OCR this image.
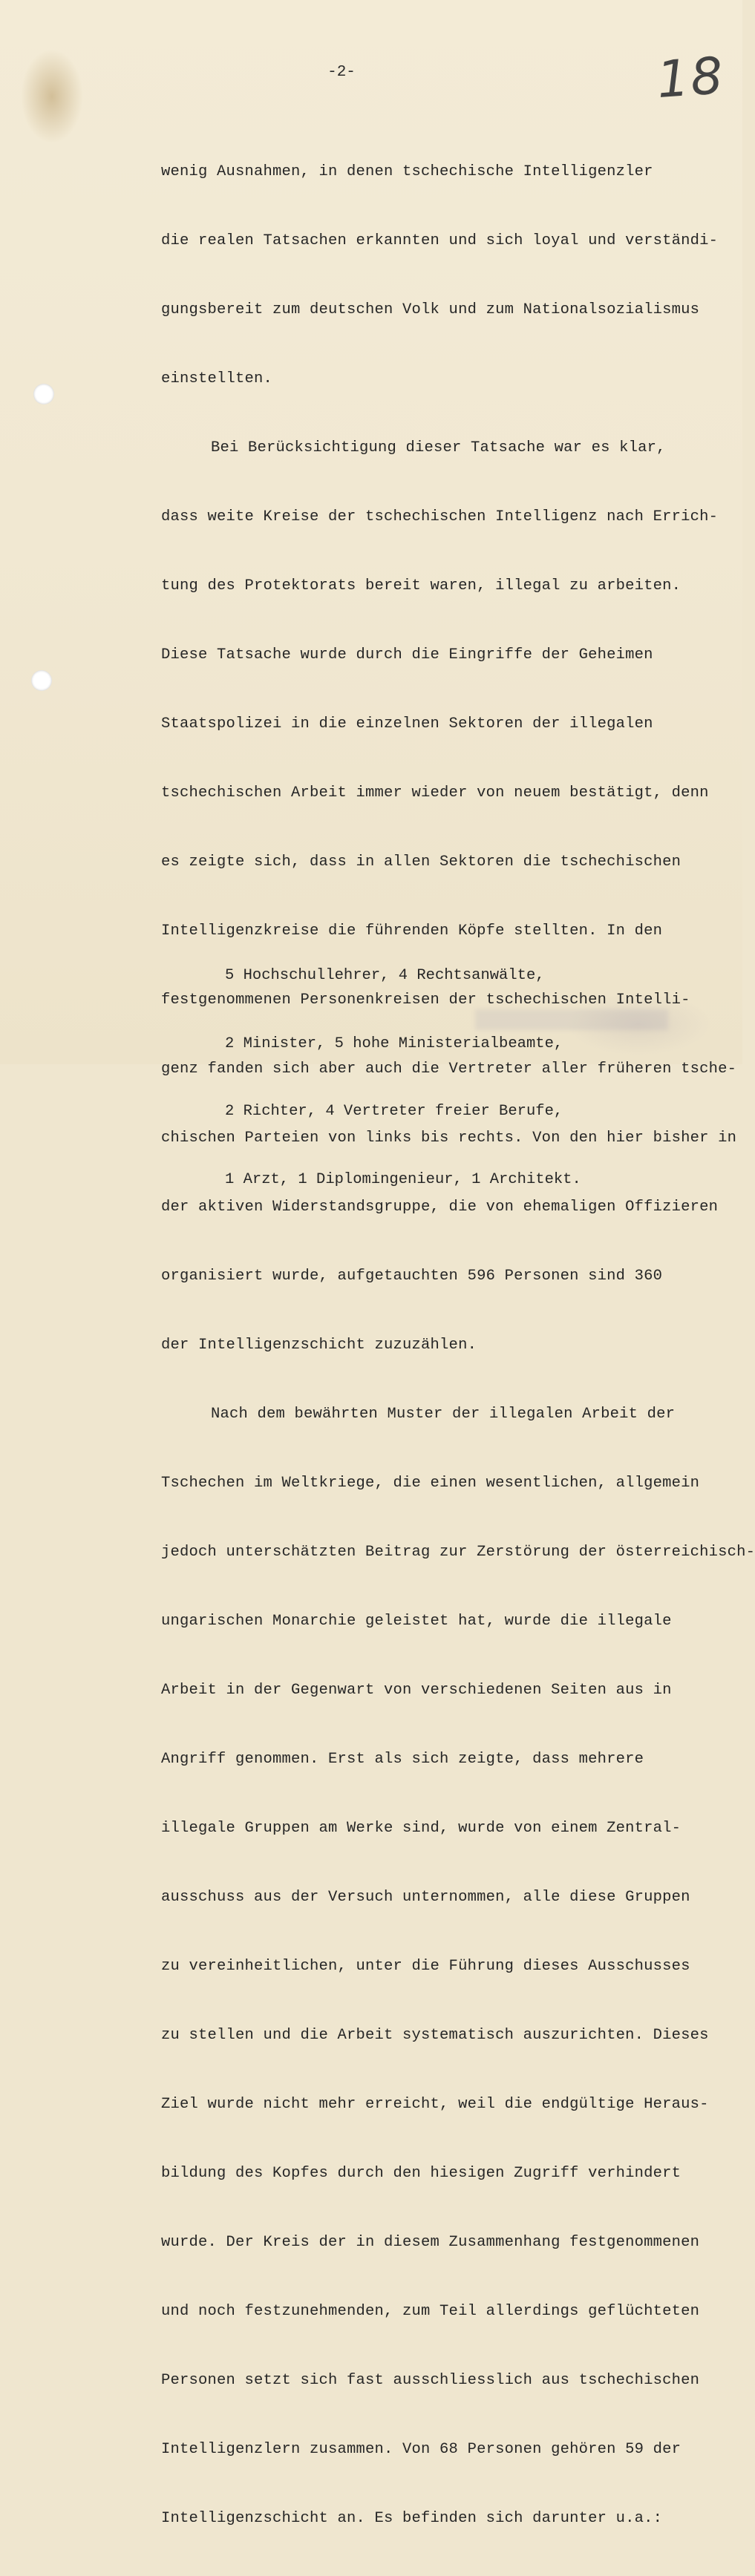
-2-	18

wenig Ausnahmen, in denen tschechische Intelligenzler

die realen Tatsachen erkannten und sich loyal und verständi-

gungsbereit zum deutschen Volk und zum Nationalsozialismus

einstellten.

Bei Berücksichtigung dieser Tatsache war es klar,

dass weite Kreise der tschechischen Intelligenz nach Errich-

tung des Protektorats bereit waren, illegal zu arbeiten.

Diese Tatsache wurde durch die Eingriffe der Geheimen

Staatspolizei in die einzelnen Sektoren der illegalen

tschechischen Arbeit immer wieder von neuem bestätigt, denn

es zeigte sich, dass in allen Sektoren die tschechischen

Intelligenzkreise die führenden Köpfe stellten. In den

festgenommenen Personenkreisen der tschechischen Intelli-

genz fanden sich aber auch die Vertreter aller früheren tsche-

chischen Parteien von links bis rechts. Von den hier bisher in

der aktiven Widerstandsgruppe, die von ehemaligen Offizieren

organisiert wurde, aufgetauchten 596 Personen sind 360

der Intelligenzschicht zuzuzählen.

Nach dem bewährten Muster der illegalen Arbeit der

Tschechen im Weltkriege, die einen wesentlichen, allgemein

jedoch unterschätzten Beitrag zur Zerstörung der österreichisch-

ungarischen Monarchie geleistet hat, wurde die illegale

Arbeit in der Gegenwart von verschiedenen Seiten aus in

Angriff genommen. Erst als sich zeigte, dass mehrere

illegale Gruppen am Werke sind, wurde von einem Zentral-

ausschuss aus der Versuch unternommen, alle diese Gruppen

zu vereinheitlichen, unter die Führung dieses Ausschusses

zu stellen und die Arbeit systematisch auszurichten. Dieses

Ziel wurde nicht mehr erreicht, weil die endgültige Heraus-

bildung des Kopfes durch den hiesigen Zugriff verhindert

wurde. Der Kreis der in diesem Zusammenhang festgenommenen

und noch festzunehmenden, zum Teil allerdings geflüchteten

Personen setzt sich fast ausschliesslich aus tschechischen

Intelligenzlern zusammen. Von 68 Personen gehören 59 der

Intelligenzschicht an. Es befinden sich darunter u.a.:

5 Hochschullehrer, 4 Rechtsanwälte,

2 Minister, 5 hohe Ministerialbeamte,

2 Richter, 4 Vertreter freier Berufe,

1 Arzt, 1 Diplomingenieur, 1 Architekt.
